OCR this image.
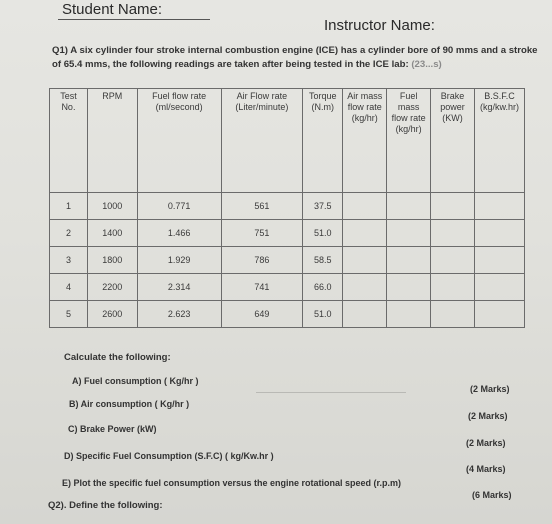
Student Name:
Instructor Name:
Q1) A six cylinder four stroke internal combustion engine (ICE) has a cylinder bore of 90 mms and a stroke of 65.4 mms, the following readings are taken after being tested in the ICE lab: (23...s)
Test No.	RPM	Fuel flow rate (ml/second)	Air Flow rate (Liter/minute)	Torque (N.m)	Air mass flow rate (kg/hr)	Fuel mass flow rate (kg/hr)	Brake power (KW)	B.S.F.C (kg/kw.hr)
1	1000	0.771	561	37.5				
2	1400	1.466	751	51.0				
3	1800	1.929	786	58.5				
4	2200	2.314	741	66.0				
5	2600	2.623	649	51.0				
Calculate the following:
A) Fuel consumption ( Kg/hr )
(2 Marks)
B) Air consumption ( Kg/hr )
(2 Marks)
C) Brake Power (kW)
(2 Marks)
D) Specific Fuel Consumption (S.F.C) ( kg/Kw.hr )
(4 Marks)
E) Plot the specific fuel consumption versus the engine rotational speed (r.p.m)
(6 Marks)
Q2). Define the following:
